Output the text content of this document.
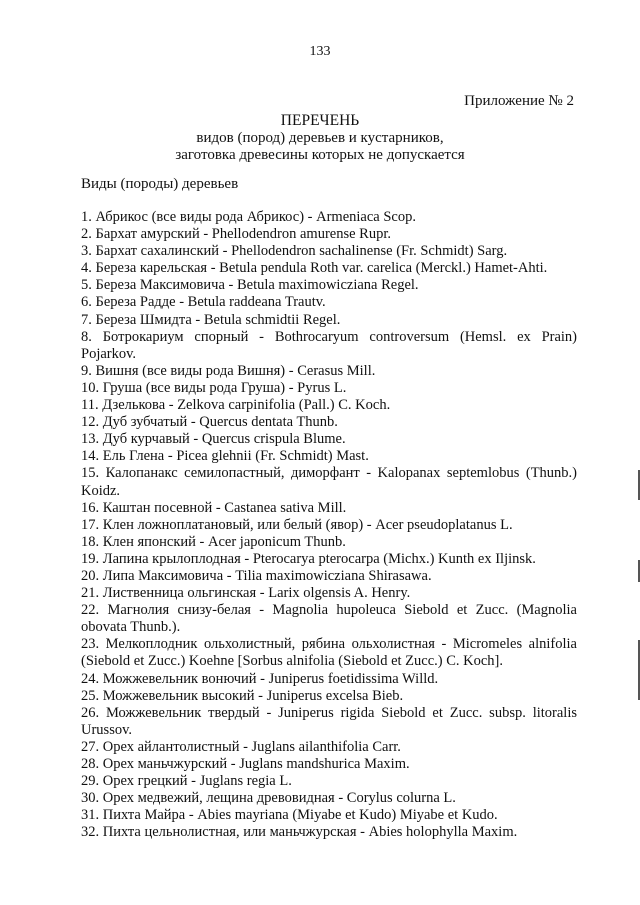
133
Приложение № 2
ПЕРЕЧЕНЬ
видов (пород) деревьев и кустарников,
заготовка древесины которых не допускается
Виды (породы) деревьев
1. Абрикос (все виды рода Абрикос) - Armeniaca Scop.
2. Бархат амурский - Phellodendron amurense Rupr.
3. Бархат сахалинский - Phellodendron sachalinense (Fr. Schmidt) Sarg.
4. Береза карельская - Betula pendula Roth var. carelica (Merckl.) Hamet-Ahti.
5. Береза Максимовича - Betula maximowicziana Regel.
6. Береза Радде - Betula raddeana Trautv.
7. Береза Шмидта - Betula schmidtii Regel.
8. Ботрокариум спорный - Bothrocaryum controversum (Hemsl. ex Prain) Pojarkov.
9. Вишня (все виды рода Вишня) - Cerasus Mill.
10. Груша (все виды рода Груша) - Pyrus L.
11. Дзелькова - Zelkova carpinifolia (Pall.) C. Koch.
12. Дуб зубчатый - Quercus dentata Thunb.
13. Дуб курчавый - Quercus crispula Blume.
14. Ель Глена - Picea glehnii (Fr. Schmidt) Mast.
15. Калопанакс семилопастный, диморфант - Kalopanax septemlobus (Thunb.) Koidz.
16. Каштан посевной - Castanea sativa Mill.
17. Клен ложноплатановый, или белый (явор) - Acer pseudoplatanus L.
18. Клен японский - Acer japonicum Thunb.
19. Лапина крылоплодная - Pterocarya pterocarpa (Michx.) Kunth ex Iljinsk.
20. Липа Максимовича - Tilia maximowicziana Shirasawa.
21. Лиственница ольгинская - Larix olgensis A. Henry.
22. Магнолия снизу-белая - Magnolia hupoleuca Siebold et Zucc. (Magnolia obovata Thunb.).
23. Мелкоплодник ольхолистный, рябина ольхолистная - Micromeles alnifolia (Siebold et Zucc.) Koehne [Sorbus alnifolia (Siebold et Zucc.) C. Koch].
24. Можжевельник вонючий - Juniperus foetidissima Willd.
25. Можжевельник высокий - Juniperus excelsa Bieb.
26. Можжевельник твердый - Juniperus rigida Siebold et Zucc. subsp. litoralis Urussov.
27. Орех айлантолистный - Juglans ailanthifolia Carr.
28. Орех маньчжурский - Juglans mandshurica Maxim.
29. Орех грецкий - Juglans regia L.
30. Орех медвежий, лещина древовидная - Corylus colurna L.
31. Пихта Майра - Abies mayriana (Miyabe et Kudo) Miyabe et Kudo.
32. Пихта цельнолистная, или маньчжурская - Abies holophylla Maxim.
